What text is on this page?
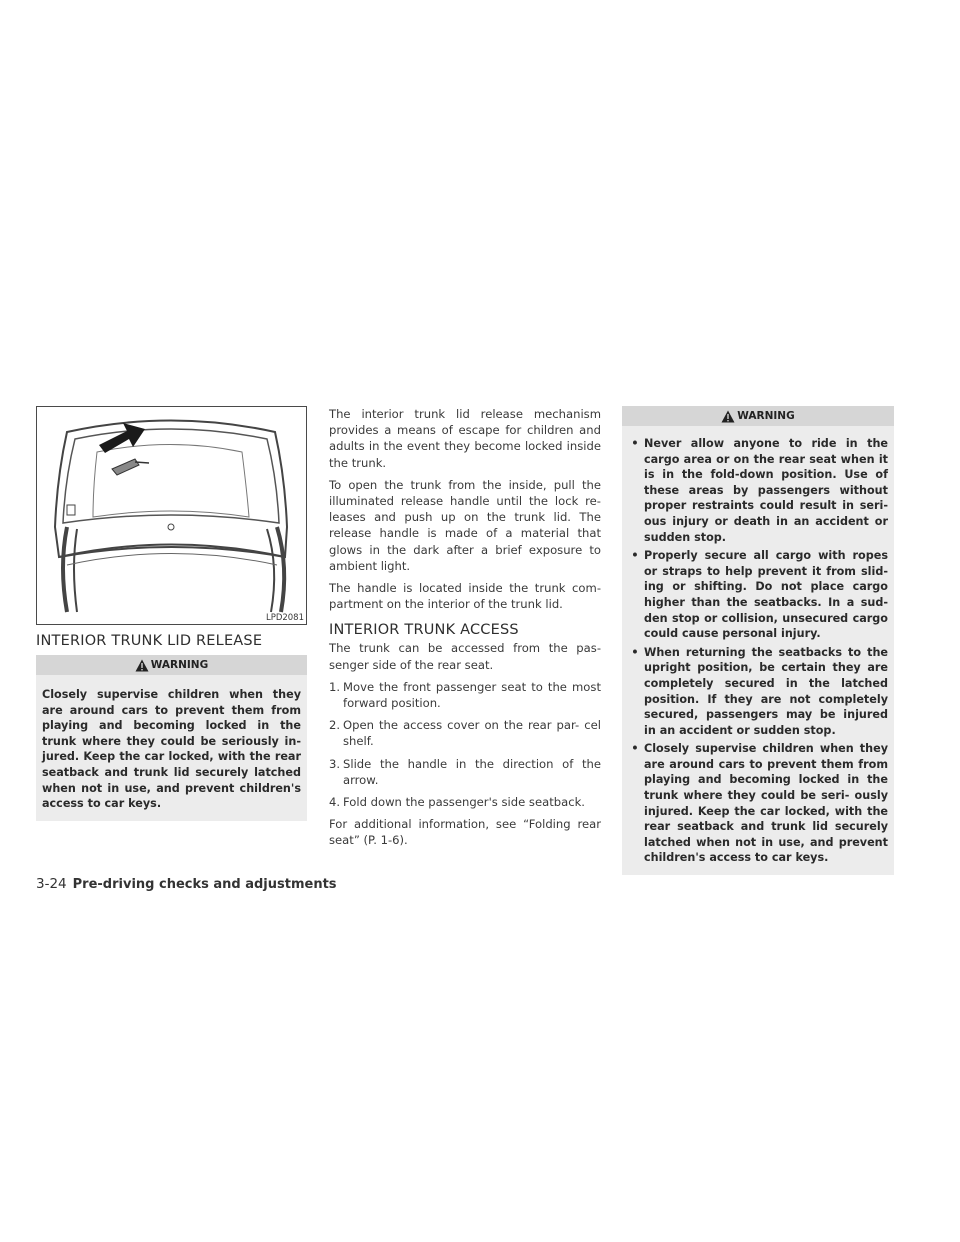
LPD2081
INTERIOR TRUNK LID RELEASE
WARNING
Closely supervise children when they are around cars to prevent them from playing and becoming locked in the trunk where they could be seriously in- jured. Keep the car locked, with the rear seatback and trunk lid securely latched when not in use, and prevent children's access to car keys.

The interior trunk lid release mechanism provides a means of escape for children and adults in the event they become locked inside the trunk.

To open the trunk from the inside, pull the illuminated release handle until the lock re- leases and push up on the trunk lid. The release handle is made of a material that glows in the dark after a brief exposure to ambient light.

The handle is located inside the trunk com- partment on the interior of the trunk lid.

INTERIOR TRUNK ACCESS

The trunk can be accessed from the pas- senger side of the rear seat.

1. Move the front passenger seat to the most forward position.
2. Open the access cover on the rear par- cel shelf.
3. Slide the handle in the direction of the arrow.
4. Fold down the passenger's side seatback.

For additional information, see “Folding rear seat” (P. 1-6).

WARNING
• Never allow anyone to ride in the cargo area or on the rear seat when it is in the fold-down position. Use of these areas by passengers without proper restraints could result in seri- ous injury or death in an accident or sudden stop.
• Properly secure all cargo with ropes or straps to help prevent it from slid- ing or shifting. Do not place cargo higher than the seatbacks. In a sud- den stop or collision, unsecured cargo could cause personal injury.
• When returning the seatbacks to the upright position, be certain they are completely secured in the latched position. If they are not completely secured, passengers may be injured in an accident or sudden stop.
• Closely supervise children when they are around cars to prevent them from playing and becoming locked in the trunk where they could be seri- ously injured. Keep the car locked, with the rear seatback and trunk lid securely latched when not in use, and prevent children's access to car keys.
3-24 Pre-driving checks and adjustments
